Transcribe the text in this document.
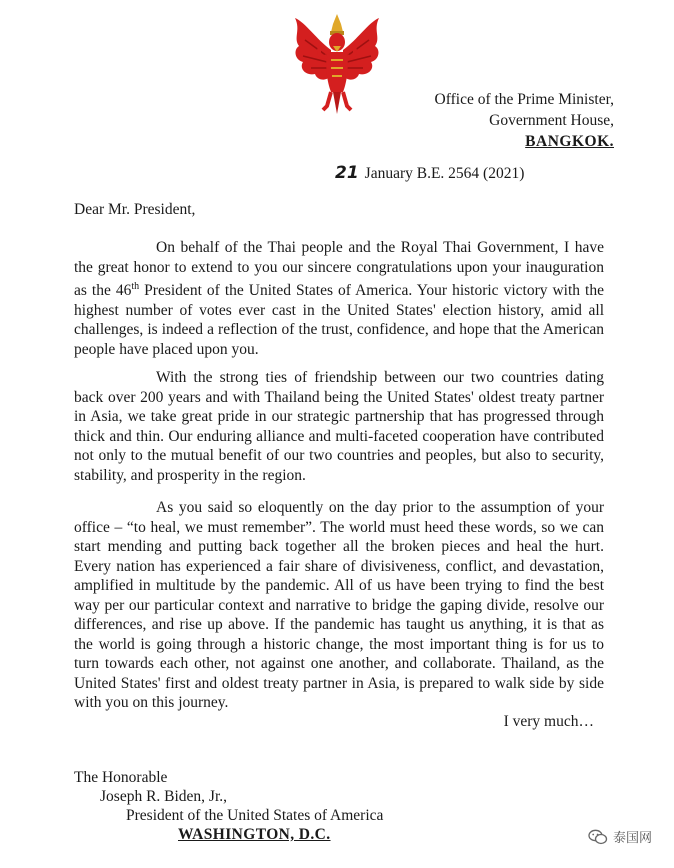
Office of the Prime Minister,
Government House,
BANGKOK.
21 January B.E. 2564 (2021)
Dear Mr. President,

On behalf of the Thai people and the Royal Thai Government, I have the great honor to extend to you our sincere congratulations upon your inauguration as the 46th President of the United States of America. Your historic victory with the highest number of votes ever cast in the United States' election history, amid all challenges, is indeed a reflection of the trust, confidence, and hope that the American people have placed upon you.

With the strong ties of friendship between our two countries dating back over 200 years and with Thailand being the United States' oldest treaty partner in Asia, we take great pride in our strategic partnership that has progressed through thick and thin. Our enduring alliance and multi-faceted cooperation have contributed not only to the mutual benefit of our two countries and peoples, but also to security, stability, and prosperity in the region.

As you said so eloquently on the day prior to the assumption of your office – “to heal, we must remember”. The world must heed these words, so we can start mending and putting back together all the broken pieces and heal the hurt. Every nation has experienced a fair share of divisiveness, conflict, and devastation, amplified in multitude by the pandemic. All of us have been trying to find the best way per our particular context and narrative to bridge the gaping divide, resolve our differences, and rise up above. If the pandemic has taught us anything, it is that as the world is going through a historic change, the most important thing is for us to turn towards each other, not against one another, and collaborate. Thailand, as the United States' first and oldest treaty partner in Asia, is prepared to walk side by side with you on this journey.

I very much…
The Honorable
Joseph R. Biden, Jr.,
President of the United States of America
WASHINGTON, D.C.	泰国网
